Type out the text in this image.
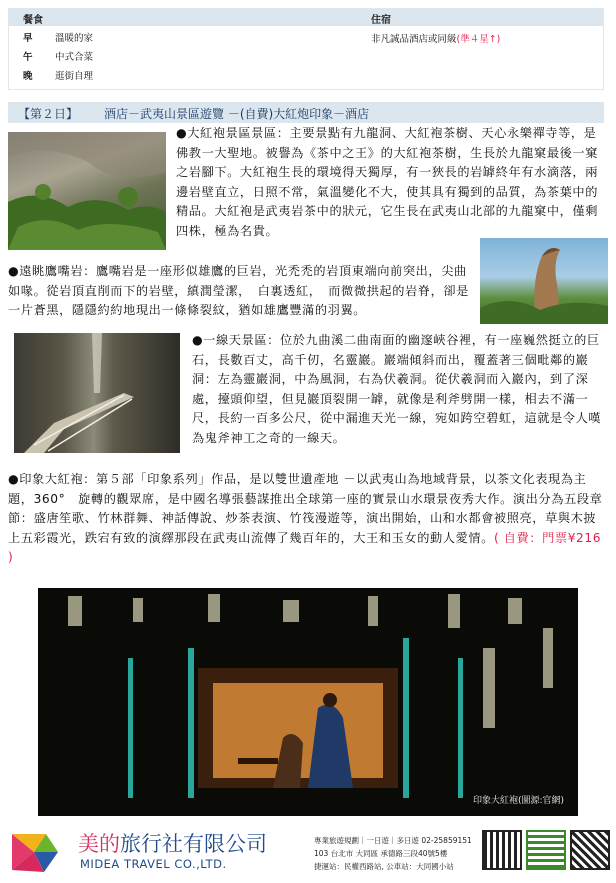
餐食	住宿
早 溫暖的家
午 中式合菜
晚 逛街自理
非凡誠品酒店或同級(準４星↑)
【第２日】 酒店－武夷山景區遊覽 －(自費)大紅炮印象－酒店
●大紅袍景區景區：主要景點有九龍洞、大紅袍茶樹、天心永樂禪寺等，是佛教一大聖地。被譽為《茶中之王》的大紅袍茶樹，生長於九龍窠最後一窠之岩腳下。大紅袍生長的環境得天獨厚，有一狹長的岩罅終年有水滴落，兩邊岩壁直立，日照不常，氣溫變化不大，使其具有獨到的品質，為茶葉中的精品。大紅袍是武夷岩茶中的狀元，它生長在武夷山北部的九龍窠中，僅剩四株，極為名貴。
●遠眺鷹嘴岩：鷹嘴岩是一座形似雄鷹的巨岩，光禿禿的岩頂東端向前突出，尖曲如喙。從岩頂直削而下的岩壁，縝潤瑩潔，　白裏透紅，　而微微拱起的岩脊，卻是一片蒼黑，隱隱約約地現出一條條裂紋，猶如雄鷹豐滿的羽翼。
●一線天景區：位於九曲溪二曲南面的幽邃峽谷裡，有一座巍然挺立的巨石，長數百丈，高千仞，名靈巖。巖端傾斜而出，覆蓋著三個毗鄰的巖洞：左為靈巖洞，中為風洞，右為伏羲洞。從伏羲洞而入巖內，到了深處，擡頭仰望，但見巖頂裂開一罅，就像是利斧劈開一樣，相去不滿一尺，長約一百多公尺，從中漏進天光一線，宛如跨空碧虹，這就是令人嘆為鬼斧神工之奇的一線天。
●印象大紅袍：第５部「印象系列」作品，是以雙世遺產地 －以武夷山為地域背景，以茶文化表現為主題，360°　旋轉的觀眾席，是中國名導張藝謀推出全球第一座的實景山水環景夜秀大作。演出分為五段章節：盛唐笙歌、竹林群舞、神話傳說、炒茶表演、竹筏漫遊等，演出開始，山和水都會被照亮，草與木披上五彩霞光，跌宕有致的演繹那段在武夷山流傳了幾百年的，大王和玉女的動人愛情。( 自費：門票¥216 )
印象大紅袍(圖源:官網)
美的旅行社有限公司
MIDEA TRAVEL CO.,LTD.
專業旅遊規劃｜一日遊｜多日遊 02-25859151
103 台北市 大同區 承德路三段40號5樓
捷運站：民權西路站, 公車站：大同國小站
